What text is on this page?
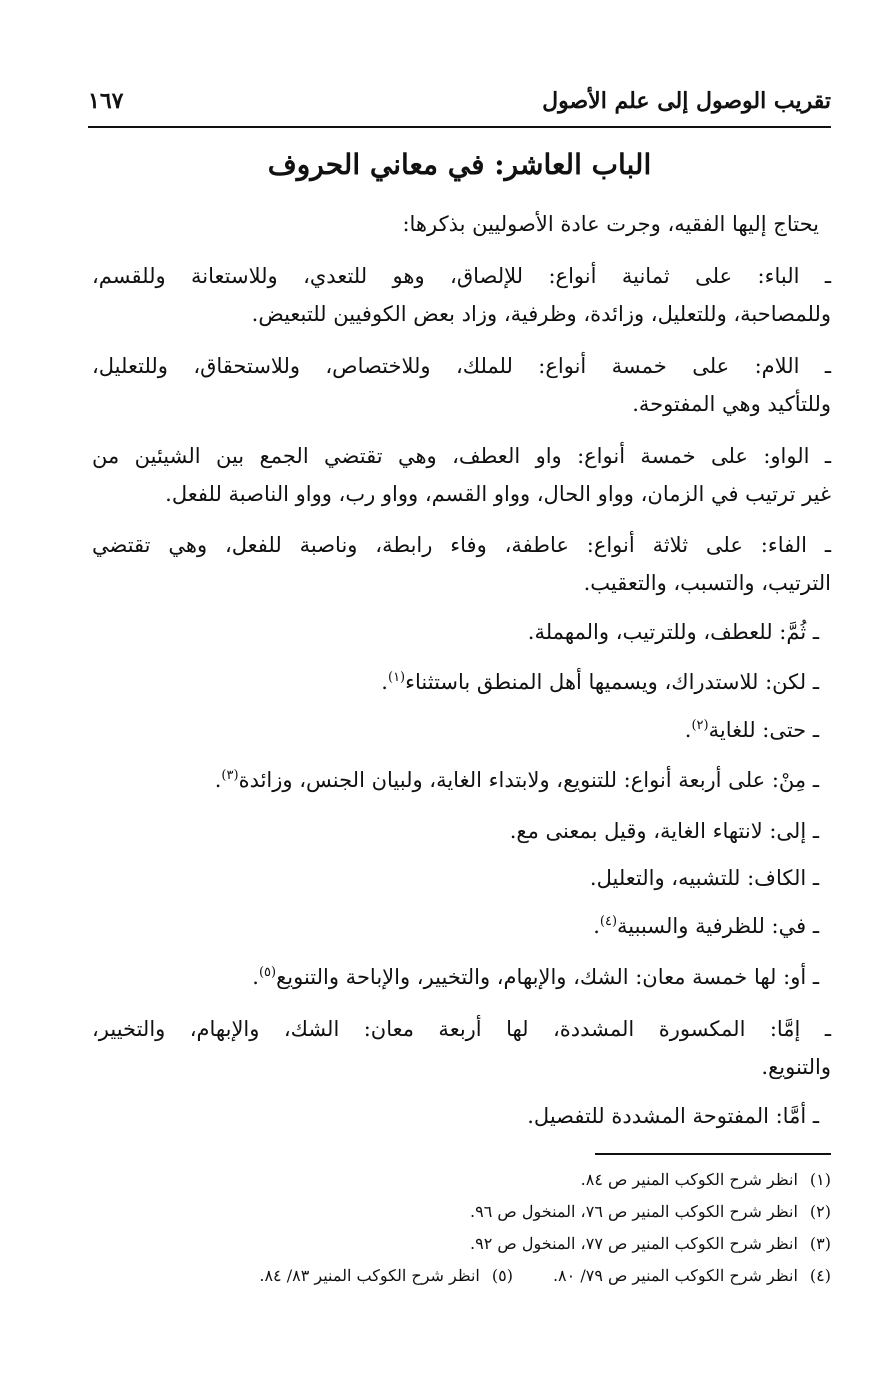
تقريب الوصول إلى علم الأصول
١٦٧
الباب العاشر: في معاني الحروف
يحتاج إليها الفقيه، وجرت عادة الأصوليين بذكرها:
ـ الباء: على ثمانية أنواع: للإلصاق، وهو للتعدي، وللاستعانة وللقسم،
وللمصاحبة، وللتعليل، وزائدة، وظرفية، وزاد بعض الكوفيين للتبعيض.
ـ اللام: على خمسة أنواع: للملك، وللاختصاص، وللاستحقاق، وللتعليل،
وللتأكيد وهي المفتوحة.
ـ الواو: على خمسة أنواع: واو العطف، وهي تقتضي الجمع بين الشيئين من
غير ترتيب في الزمان، وواو الحال، وواو القسم، وواو رب، وواو الناصبة للفعل.
ـ الفاء: على ثلاثة أنواع: عاطفة، وفاء رابطة، وناصبة للفعل، وهي تقتضي
الترتيب، والتسبب، والتعقيب.
ـ ثُمَّ: للعطف، وللترتيب، والمهملة.
ـ لكن: للاستدراك، ويسميها أهل المنطق باستثناء$^{(١)}$.
ـ حتى: للغاية$^{(٢)}$.
ـ مِنْ: على أربعة أنواع: للتنويع، ولابتداء الغاية، ولبيان الجنس، وزائدة$^{(٣)}$.
ـ إلى: لانتهاء الغاية، وقيل بمعنى مع.
ـ الكاف: للتشبيه، والتعليل.
ـ في: للظرفية والسببية$^{(٤)}$.
ـ أو: لها خمسة معان: الشك، والإبهام، والتخيير، والإباحة والتنويع$^{(٥)}$.
ـ إمَّا: المكسورة المشددة، لها أربعة معان: الشك، والإبهام، والتخيير،
والتنويع.
ـ أمَّا: المفتوحة المشددة للتفصيل.
(١)انظر شرح الكوكب المنير ص ٨٤.
(٢)انظر شرح الكوكب المنير ص ٧٦، المنخول ص ٩٦.
(٣)انظر شرح الكوكب المنير ص ٧٧، المنخول ص ٩٢.
(٤)انظر شرح الكوكب المنير ص ٧٩/ ٨٠.(٥)انظر شرح الكوكب المنير ٨٣/ ٨٤.
